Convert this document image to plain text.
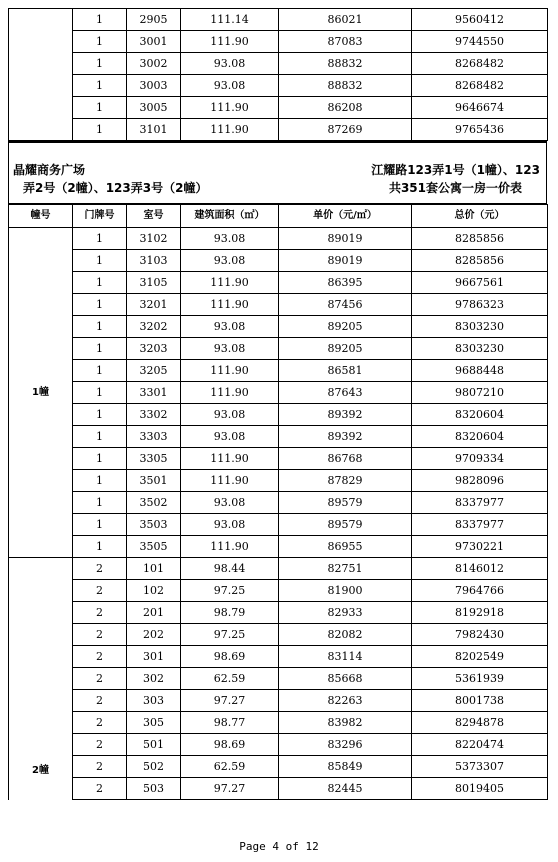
	1	2905	111.14	86021	9560412
	1	3001	111.90	87083	9744550
	1	3002	93.08	88832	8268482
	1	3003	93.08	88832	8268482
	1	3005	111.90	86208	9646674
	1	3101	111.90	87269	9765436
晶耀商务广场
弄2号（2幢）、123弄3号（2幢）
江耀路123弄1号（1幢）、123
共351套公寓一房一价表
幢号	门牌号	室号	建筑面积（㎡）	单价（元/㎡）	总价（元）
1幢	1	3102	93.08	89019	8285856
	1	3103	93.08	89019	8285856
	1	3105	111.90	86395	9667561
	1	3201	111.90	87456	9786323
	1	3202	93.08	89205	8303230
	1	3203	93.08	89205	8303230
	1	3205	111.90	86581	9688448
	1	3301	111.90	87643	9807210
	1	3302	93.08	89392	8320604
	1	3303	93.08	89392	8320604
	1	3305	111.90	86768	9709334
	1	3501	111.90	87829	9828096
	1	3502	93.08	89579	8337977
	1	3503	93.08	89579	8337977
	1	3505	111.90	86955	9730221
2幢	2	101	98.44	82751	8146012
	2	102	97.25	81900	7964766
	2	201	98.79	82933	8192918
	2	202	97.25	82082	7982430
	2	301	98.69	83114	8202549
	2	302	62.59	85668	5361939
	2	303	97.27	82263	8001738
	2	305	98.77	83982	8294878
	2	501	98.69	83296	8220474
	2	502	62.59	85849	5373307
	2	503	97.27	82445	8019405
Page 4 of 12
